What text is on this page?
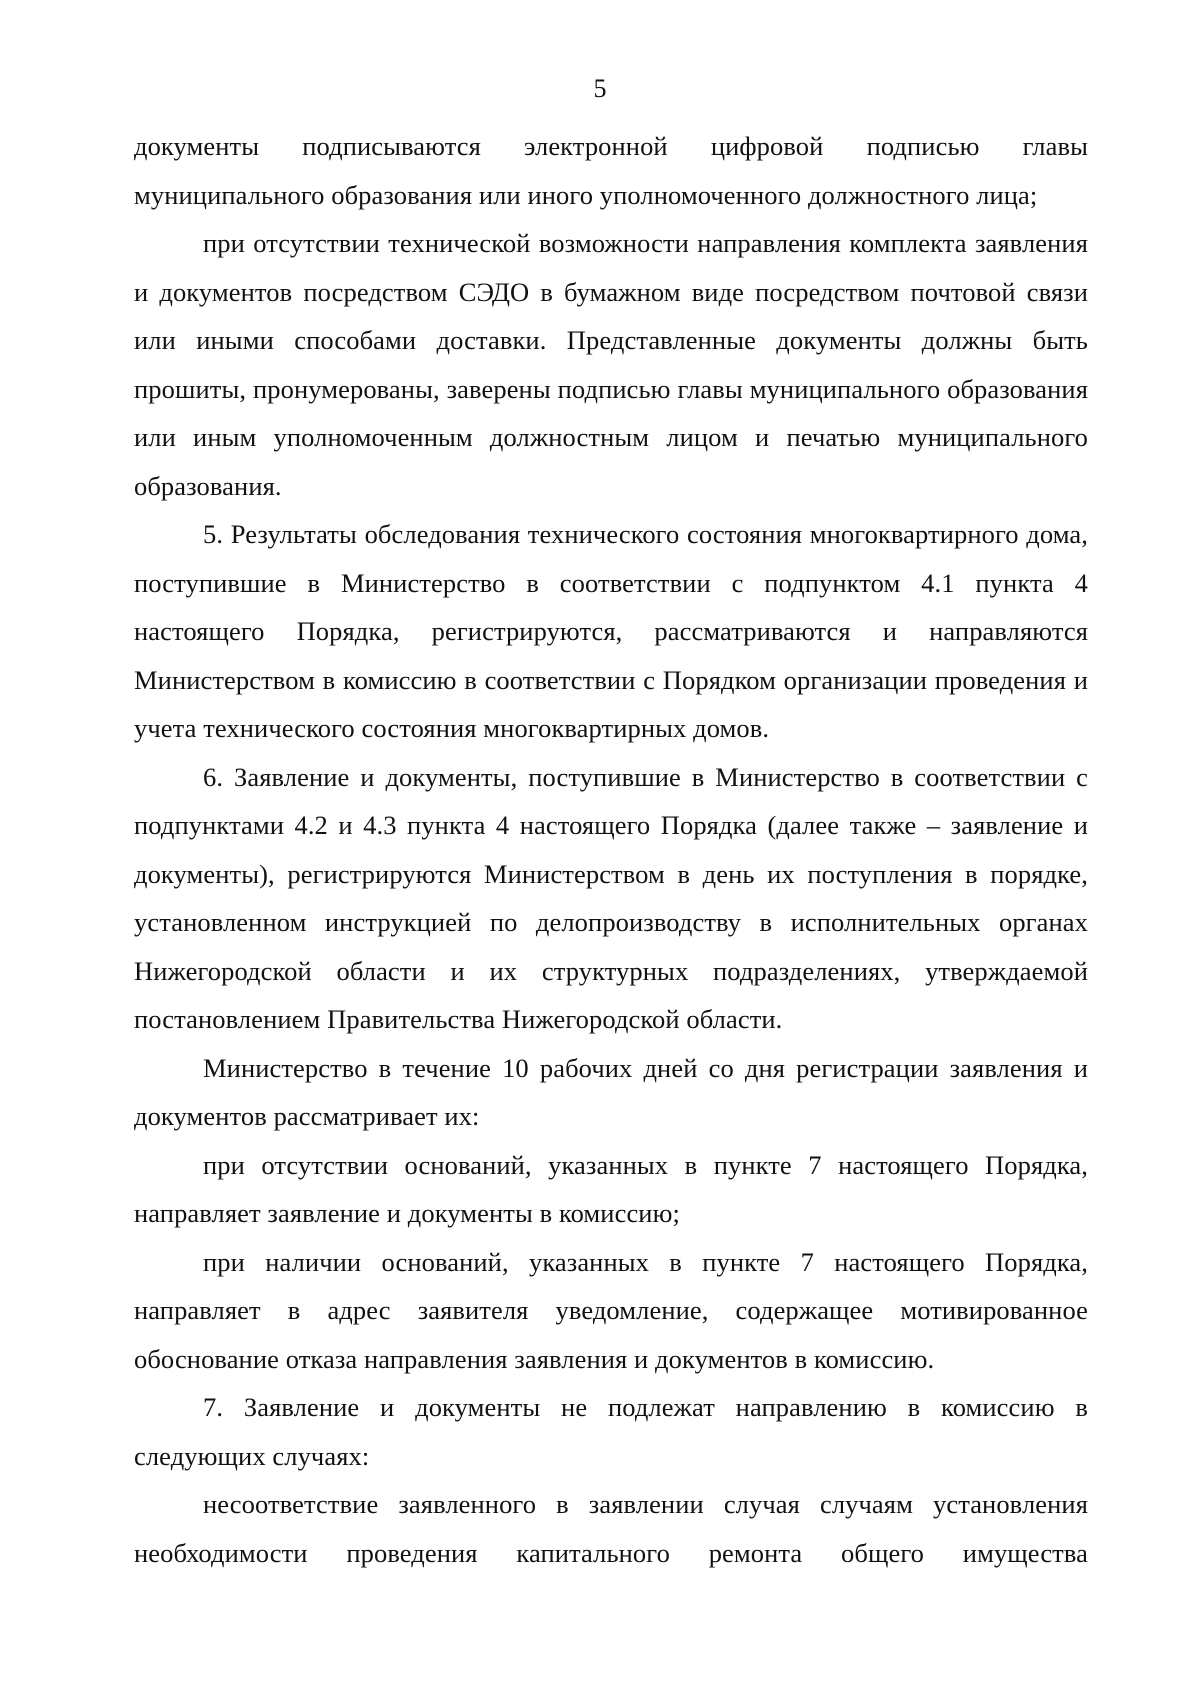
5

документы подписываются электронной цифровой подписью главы муниципального образования или иного уполномоченного должностного лица;

при отсутствии технической возможности направления комплекта заявления и документов посредством СЭДО в бумажном виде посредством почтовой связи или иными способами доставки. Представленные документы должны быть прошиты, пронумерованы, заверены подписью главы муниципального образования или иным уполномоченным должностным лицом и печатью муниципального образования.

5. Результаты обследования технического состояния многоквартирного дома, поступившие в Министерство в соответствии с подпунктом 4.1 пункта 4 настоящего Порядка, регистрируются, рассматриваются и направляются Министерством в комиссию в соответствии с Порядком организации проведения и учета технического состояния многоквартирных домов.

6. Заявление и документы, поступившие в Министерство в соответствии с подпунктами 4.2 и 4.3 пункта 4 настоящего Порядка (далее также – заявление и документы), регистрируются Министерством в день их поступления в порядке, установленном инструкцией по делопроизводству в исполнительных органах Нижегородской области и их структурных подразделениях, утверждаемой постановлением Правительства Нижегородской области.

Министерство в течение 10 рабочих дней со дня регистрации заявления и документов рассматривает их:

при отсутствии оснований, указанных в пункте 7 настоящего Порядка, направляет заявление и документы в комиссию;

при наличии оснований, указанных в пункте 7 настоящего Порядка, направляет в адрес заявителя уведомление, содержащее мотивированное обоснование отказа направления заявления и документов в комиссию.

7. Заявление и документы не подлежат направлению в комиссию в следующих случаях:

несоответствие заявленного в заявлении случая случаям установления необходимости проведения капитального ремонта общего имущества
